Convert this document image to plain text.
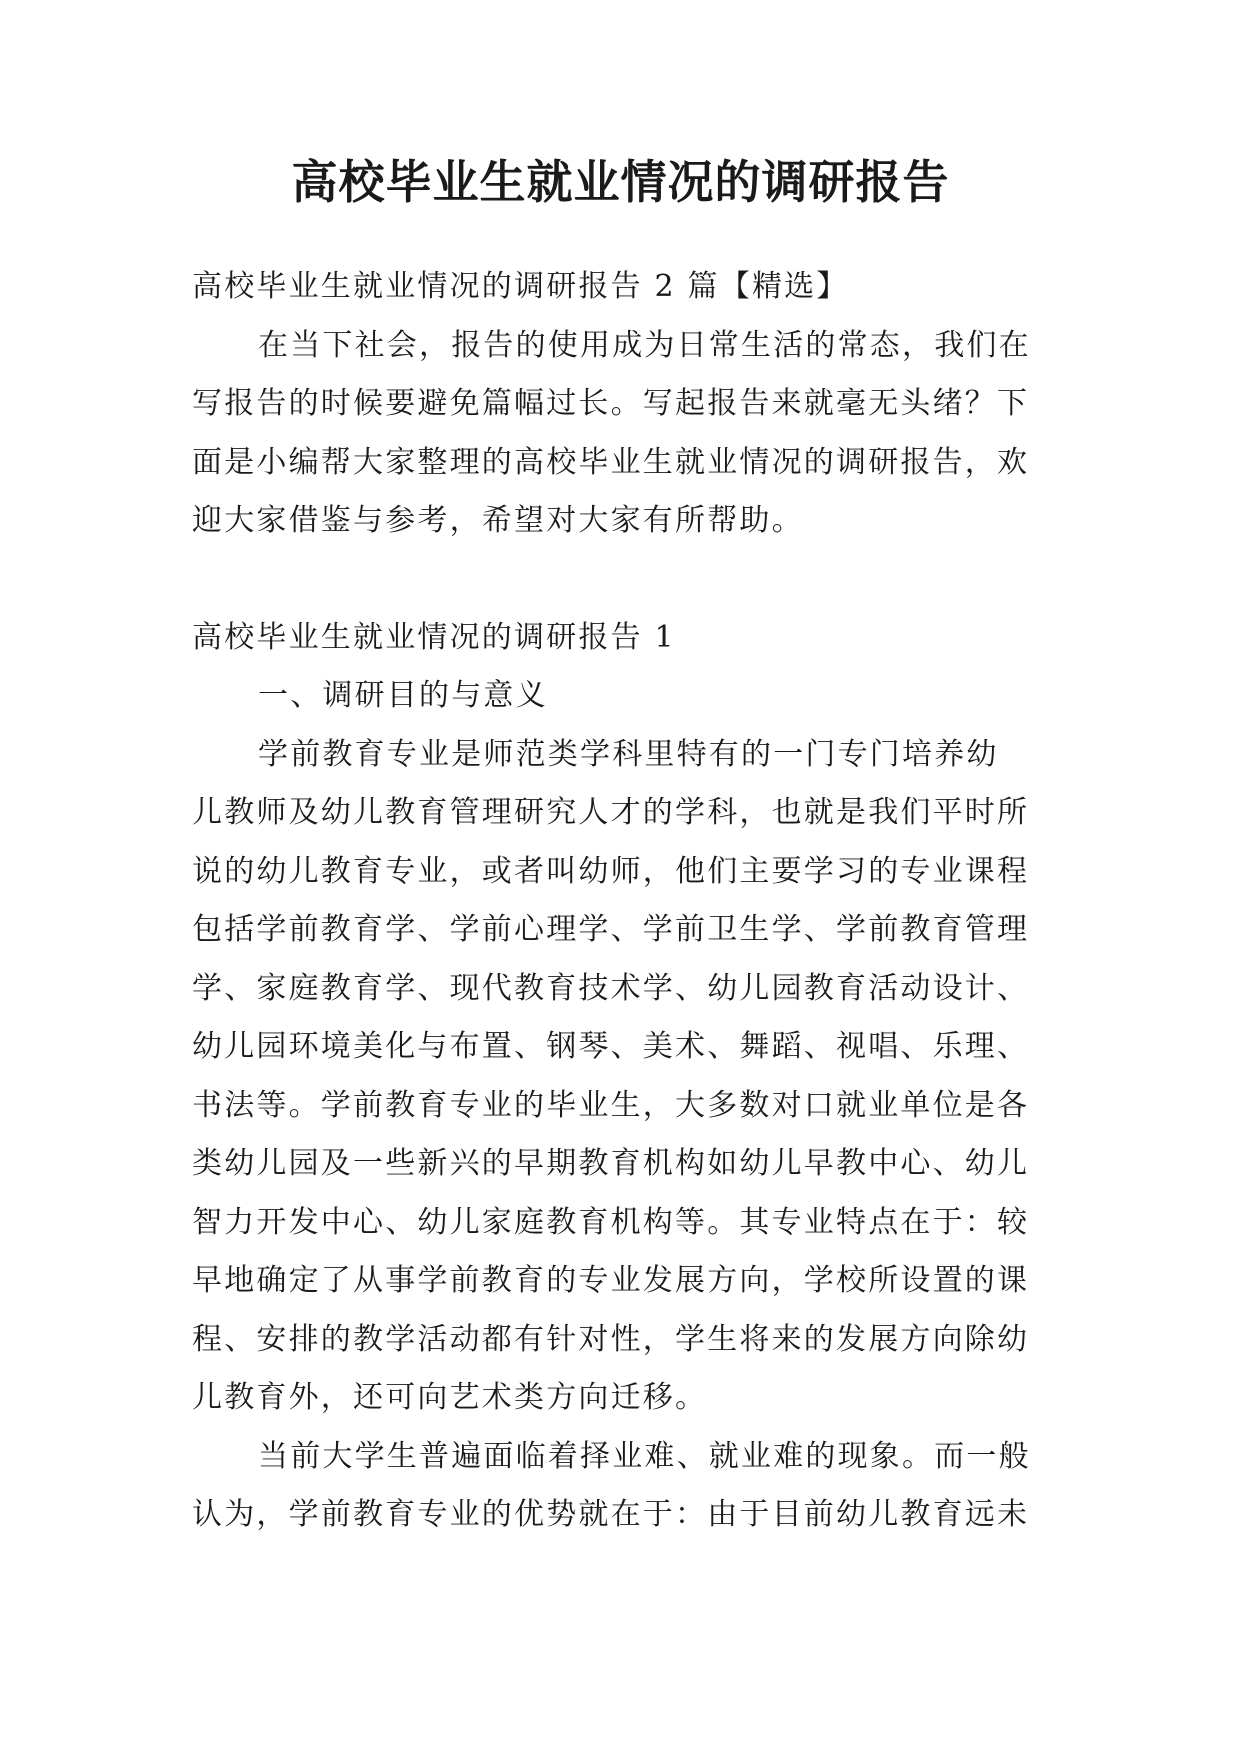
高校毕业生就业情况的调研报告

高校毕业生就业情况的调研报告 2 篇【精选】

在当下社会，报告的使用成为日常生活的常态，我们在

写报告的时候要避免篇幅过长。写起报告来就毫无头绪？下

面是小编帮大家整理的高校毕业生就业情况的调研报告，欢

迎大家借鉴与参考，希望对大家有所帮助。

高校毕业生就业情况的调研报告 1

一、调研目的与意义

学前教育专业是师范类学科里特有的一门专门培养幼

儿教师及幼儿教育管理研究人才的学科，也就是我们平时所

说的幼儿教育专业，或者叫幼师，他们主要学习的专业课程

包括学前教育学、学前心理学、学前卫生学、学前教育管理

学、家庭教育学、现代教育技术学、幼儿园教育活动设计、

幼儿园环境美化与布置、钢琴、美术、舞蹈、视唱、乐理、

书法等。学前教育专业的毕业生，大多数对口就业单位是各

类幼儿园及一些新兴的早期教育机构如幼儿早教中心、幼儿

智力开发中心、幼儿家庭教育机构等。其专业特点在于：较

早地确定了从事学前教育的专业发展方向，学校所设置的课

程、安排的教学活动都有针对性，学生将来的发展方向除幼

儿教育外，还可向艺术类方向迁移。

当前大学生普遍面临着择业难、就业难的现象。而一般

认为，学前教育专业的优势就在于：由于目前幼儿教育远未
